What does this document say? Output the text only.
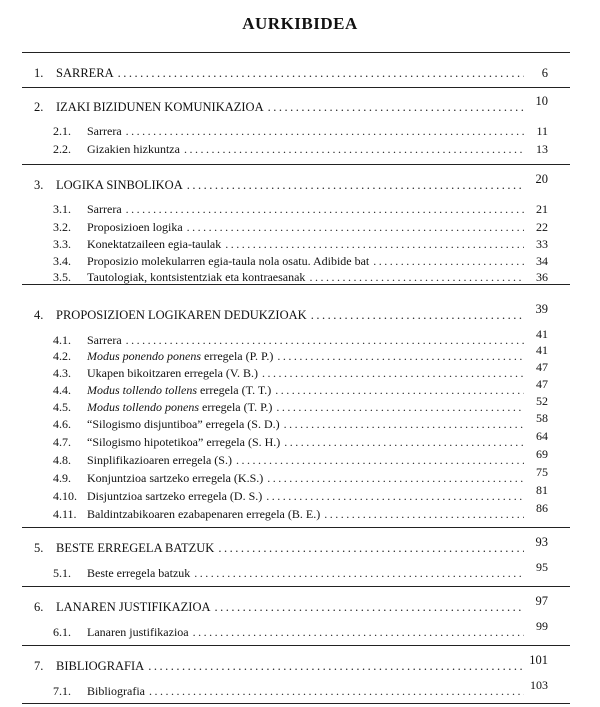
AURKIBIDEA
1.	SARRERA .....	6
2.	IZAKI BIZIDUNEN KOMUNIKAZIOA .....	10
2.1.	Sarrera .....	11
2.2.	Gizakien hizkuntza .....	13
3.	LOGIKA SINBOLIKOA .....	20
3.1.	Sarrera .....	21
3.2.	Proposizioen logika .....	22
3.3.	Konektatzaileen egia-taulak .....	33
3.4.	Proposizio molekularren egia-taula nola osatu. Adibide bat .....	34
3.5.	Tautologiak, kontsistentziak eta kontraesanak .....	36
4.	PROPOSIZIOEN LOGIKAREN DEDUKZIOAK .....	39
4.1.	Sarrera .....	41
4.2.	Modus ponendo ponens erregela (P. P.) .....	41
4.3.	Ukapen bikoitzaren erregela (V. B.) .....	47
4.4.	Modus tollendo tollens erregela (T. T.) .....	47
4.5.	Modus tollendo ponens erregela (T. P.) .....	52
4.6.	“Silogismo disjuntiboa” erregela (S. D.) .....	58
4.7.	“Silogismo hipotetikoa” erregela (S. H.) .....	64
4.8.	Sinplifikazioaren erregela (S.) .....	69
4.9.	Konjuntzioa sartzeko erregela (K.S.) .....	75
4.10. Disjuntzioa sartzeko erregela (D. S.) .....	81
4.11. Baldintzabikoaren ezabapenaren erregela (B. E.) .....	86
5.	BESTE ERREGELA BATZUK .....	93
5.1.	Beste erregela batzuk .....	95
6.	LANAREN JUSTIFIKAZIOA .....	97
6.1.	Lanaren justifikazioa .....	99
7.	BIBLIOGRAFIA .....	101
7.1.	Bibliografia .....	103
